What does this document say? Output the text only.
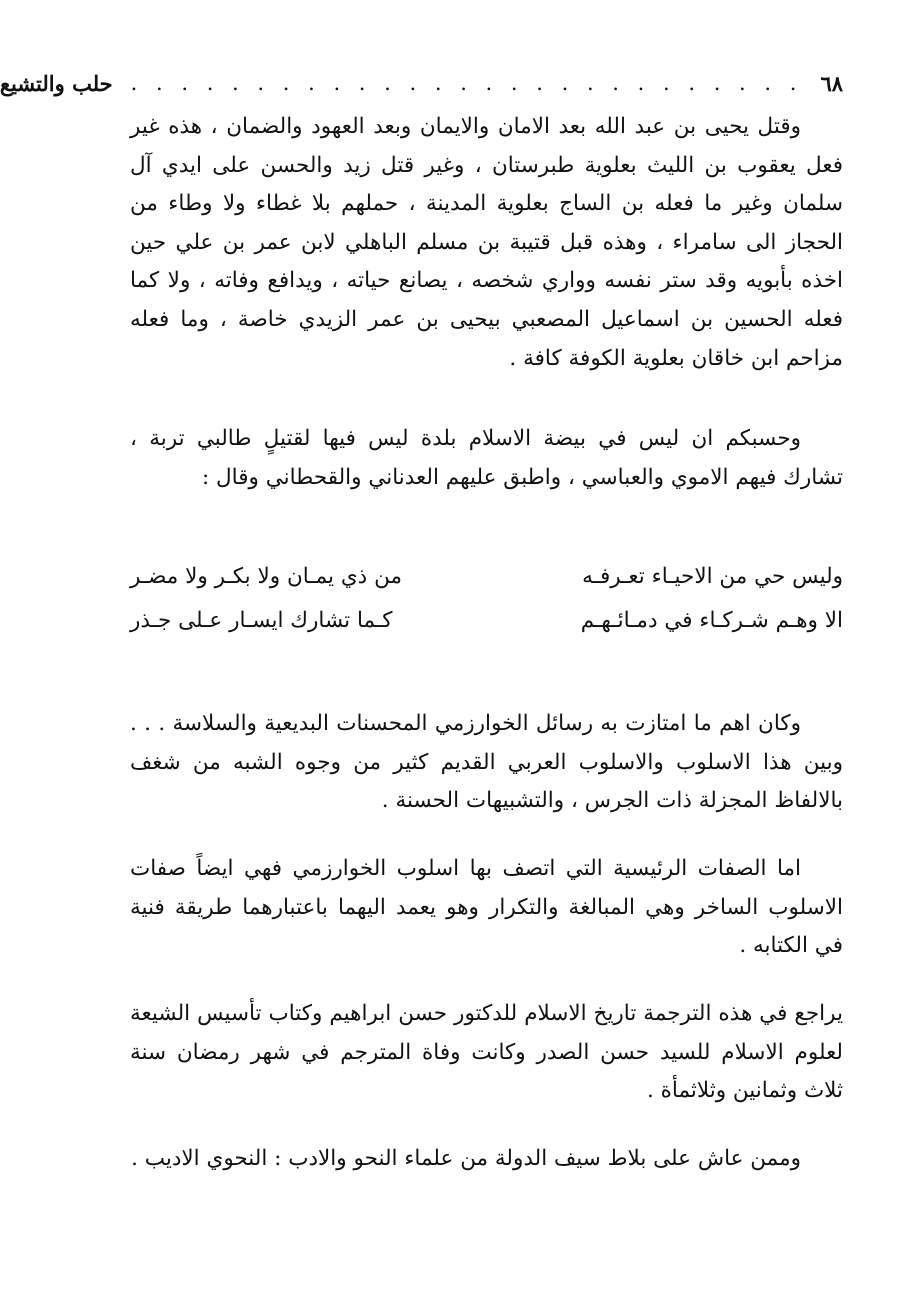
٦٨
. . . . . . . . . . . . . . . . . . . . . . . . . . .
حلب والتشيع

وقتل يحيى بن عبد الله بعد الامان والايمان وبعد العهود والضمان ، هذه غير فعل يعقوب بن الليث بعلوية طبرستان ، وغير قتل زيد والحسن على ايدي آل سلمان وغير ما فعله بن الساج بعلوية المدينة ، حملهم بلا غطاء ولا وطاء من الحجاز الى سامراء ، وهذه قبل قتيبة بن مسلم الباهلي لابن عمر بن علي حين اخذه بأبويه وقد ستر نفسه وواري شخصه ، يصانع حياته ، ويدافع وفاته ، ولا كما فعله الحسين بن اسماعيل المصعبي بيحيى بن عمر الزيدي خاصة ، وما فعله مزاحم ابن خاقان بعلوية الكوفة كافة .

وحسبكم ان ليس في بيضة الاسلام بلدة ليس فيها لقتيلٍ طالبي تربة ، تشارك فيهم الاموي والعباسي ، واطبق عليهم العدناني والقحطاني وقال :

وليس حي من الاحيـاء تعـرفـه
من ذي يمـان ولا بكـر ولا مضـر
الا وهـم شـركـاء في دمـائـهـم
كـما تشارك ايسـار عـلى جـذر

وكان اهم ما امتازت به رسائل الخوارزمي المحسنات البديعية والسلاسة . . . وبين هذا الاسلوب والاسلوب العربي القديم كثير من وجوه الشبه من شغف بالالفاظ المجزلة ذات الجرس ، والتشبيهات الحسنة .

اما الصفات الرئيسية التي اتصف بها اسلوب الخوارزمي فهي ايضاً صفات الاسلوب الساخر وهي المبالغة والتكرار وهو يعمد اليهما باعتبارهما طريقة فنية في الكتابه .

يراجع في هذه الترجمة تاريخ الاسلام للدكتور حسن ابراهيم وكتاب تأسيس الشيعة لعلوم الاسلام للسيد حسن الصدر وكانت وفاة المترجم في شهر رمضان سنة ثلاث وثمانين وثلاثمأة .

وممن عاش على بلاط سيف الدولة من علماء النحو والادب : النحوي الاديب .
